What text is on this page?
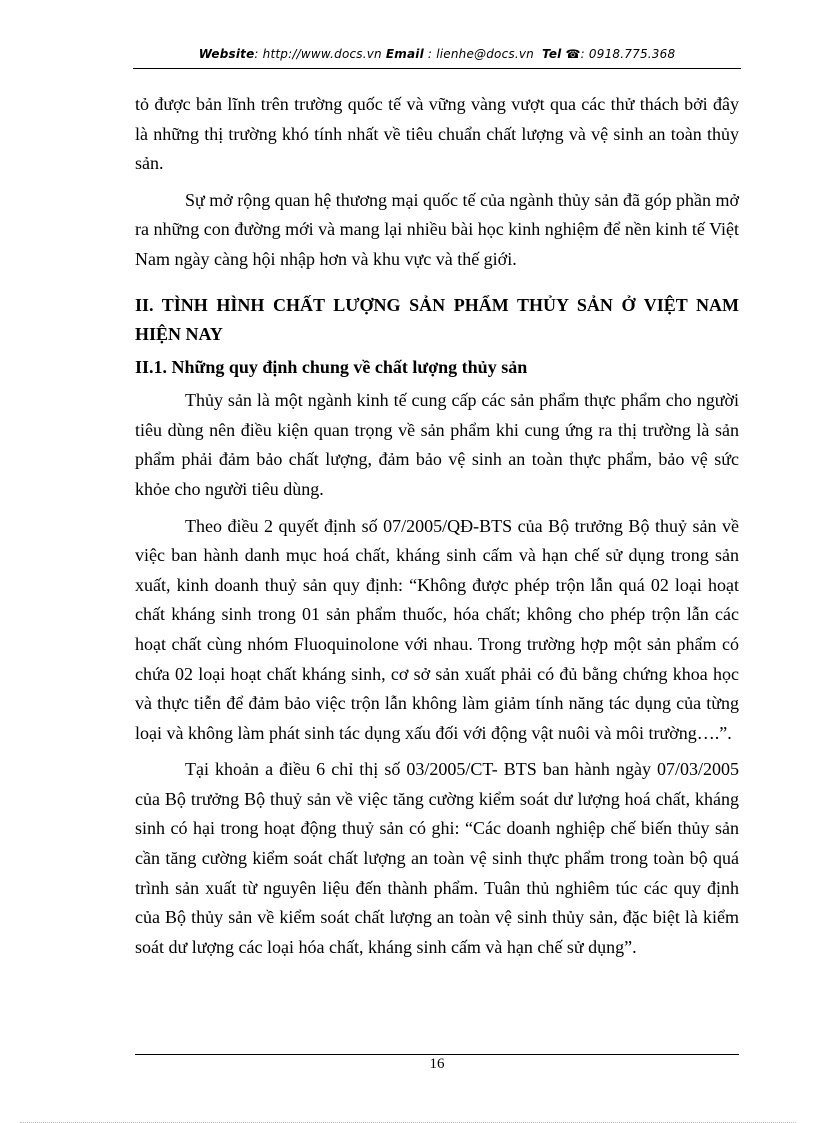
Website: http://www.docs.vn Email : lienhe@docs.vn Tel ☎: 0918.775.368

tỏ được bản lĩnh trên trường quốc tế và vững vàng vượt qua các thử thách bởi đây là những thị trường khó tính nhất về tiêu chuẩn chất lượng và vệ sinh an toàn thủy sản.

Sự mở rộng quan hệ thương mại quốc tế của ngành thủy sản đã góp phần mở ra những con đường mới và mang lại nhiều bài học kinh nghiệm để nền kinh tế Việt Nam ngày càng hội nhập hơn và khu vực và thế giới.

II. TÌNH HÌNH CHẤT LƯỢNG SẢN PHẨM THỦY SẢN Ở VIỆT NAM HIỆN NAY

II.1. Những quy định chung về chất lượng thủy sản

Thủy sản là một ngành kinh tế cung cấp các sản phẩm thực phẩm cho người tiêu dùng nên điều kiện quan trọng về sản phẩm khi cung ứng ra thị trường là sản phẩm phải đảm bảo chất lượng, đảm bảo vệ sinh an toàn thực phẩm, bảo vệ sức khỏe cho người tiêu dùng.

Theo điều 2 quyết định số 07/2005/QĐ-BTS của Bộ trưởng Bộ thuỷ sản về việc ban hành danh mục hoá chất, kháng sinh cấm và hạn chế sử dụng trong sản xuất, kinh doanh thuỷ sản quy định: “Không được phép trộn lẫn quá 02 loại hoạt chất kháng sinh trong 01 sản phẩm thuốc, hóa chất; không cho phép trộn lẫn các hoạt chất cùng nhóm Fluoquinolone với nhau. Trong trường hợp một sản phẩm có chứa 02 loại hoạt chất kháng sinh, cơ sở sản xuất phải có đủ bằng chứng khoa học và thực tiễn để đảm bảo việc trộn lẫn không làm giảm tính năng tác dụng của từng loại và không làm phát sinh tác dụng xấu đối với động vật nuôi và môi trường….”.

Tại khoản a điều 6 chỉ thị số 03/2005/CT- BTS ban hành ngày 07/03/2005 của Bộ trưởng Bộ thuỷ sản về việc tăng cường kiểm soát dư lượng hoá chất, kháng sinh có hại trong hoạt động thuỷ sản có ghi: “Các doanh nghiệp chế biến thủy sản cần tăng cường kiểm soát chất lượng an toàn vệ sinh thực phẩm trong toàn bộ quá trình sản xuất từ nguyên liệu đến thành phẩm. Tuân thủ nghiêm túc các quy định của Bộ thủy sản về kiểm soát chất lượng an toàn vệ sinh thủy sản, đặc biệt là kiểm soát dư lượng các loại hóa chất, kháng sinh cấm và hạn chế sử dụng”.

16
